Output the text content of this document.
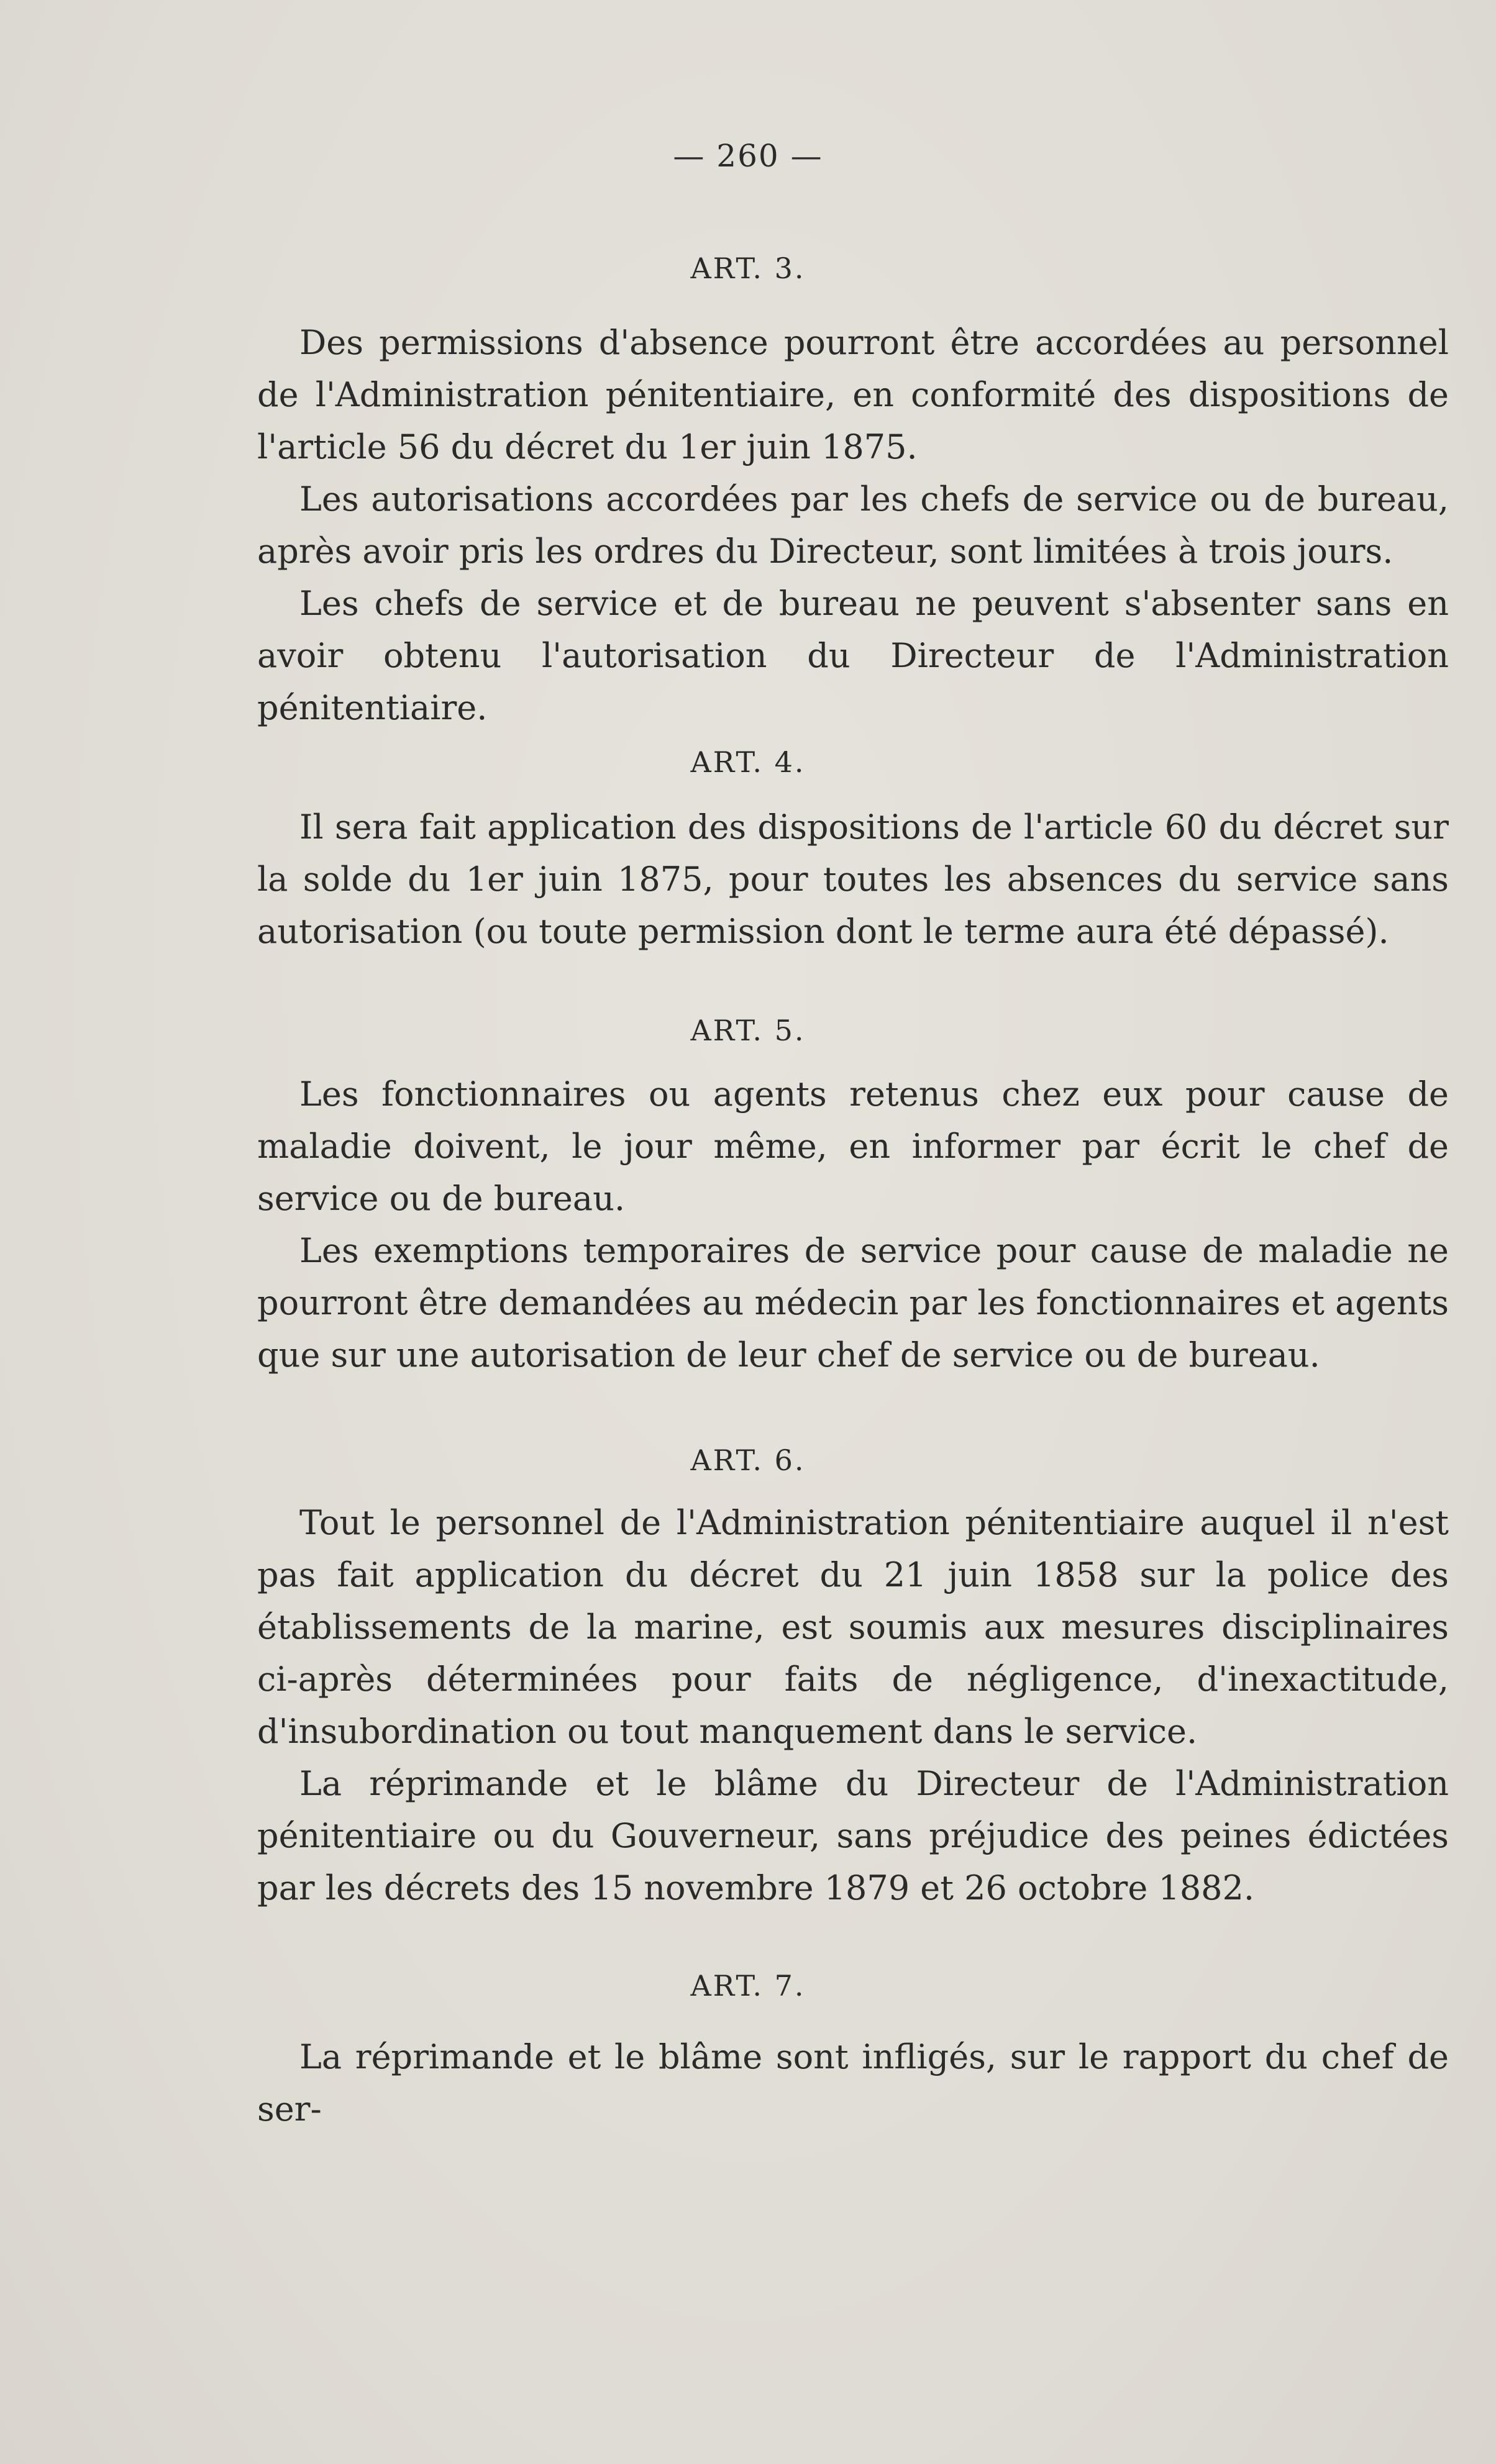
— 260 —
ART. 3.

Des permissions d'absence pourront être accordées au personnel de l'Administration pénitentiaire, en conformité des dispositions de l'article 56 du décret du 1er juin 1875.

Les autorisations accordées par les chefs de service ou de bureau, après avoir pris les ordres du Directeur, sont limitées à trois jours.

Les chefs de service et de bureau ne peuvent s'absenter sans en avoir obtenu l'autorisation du Directeur de l'Administration pénitentiaire.

ART. 4.

Il sera fait application des dispositions de l'article 60 du décret sur la solde du 1er juin 1875, pour toutes les absences du service sans autorisation (ou toute permission dont le terme aura été dépassé).

ART. 5.

Les fonctionnaires ou agents retenus chez eux pour cause de maladie doivent, le jour même, en informer par écrit le chef de service ou de bureau.

Les exemptions temporaires de service pour cause de maladie ne pourront être demandées au médecin par les fonctionnaires et agents que sur une autorisation de leur chef de service ou de bureau.

ART. 6.

Tout le personnel de l'Administration pénitentiaire auquel il n'est pas fait application du décret du 21 juin 1858 sur la police des établissements de la marine, est soumis aux mesures disciplinaires ci-après déterminées pour faits de négligence, d'inexactitude, d'insubordination ou tout manquement dans le service.

La réprimande et le blâme du Directeur de l'Administration pénitentiaire ou du Gouverneur, sans préjudice des peines édictées par les décrets des 15 novembre 1879 et 26 octobre 1882.

ART. 7.

La réprimande et le blâme sont infligés, sur le rapport du chef de ser-
